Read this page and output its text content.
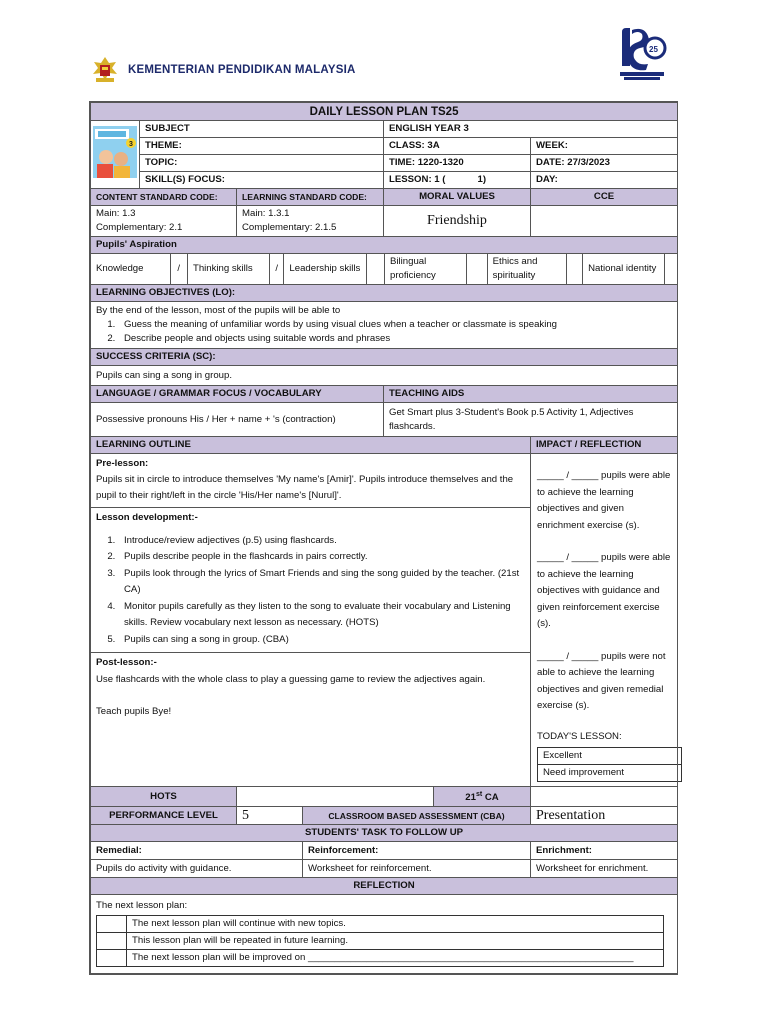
KEMENTERIAN PENDIDIKAN MALAYSIA
25
DAILY LESSON PLAN TS25

3
	SUBJECT	ENGLISH YEAR 3
THEME:	CLASS: 3A	WEEK:
TOPIC:	TIME: 1220-1320	DATE: 27/3/2023
SKILL(S) FOCUS:	LESSON: 1 (            1)	DAY:
CONTENT STANDARD CODE:	LEARNING STANDARD CODE:	MORAL VALUES	CCE

Main: 1.3
Complementary: 2.1

Main: 1.3.1
Complementary: 2.1.5	Friendship	
Pupils' Aspiration

Knowledge	/	Thinking skills	/	Leadership skills		Bilingual proficiency		Ethics and spirituality		National identity	

LEARNING OBJECTIVES (LO):

By the end of the lesson, most of the pupils will be able to
1. Guess the meaning of unfamiliar words by using visual clues when a teacher or classmate is speaking
2. Describe people and objects using suitable words and phrases

SUCCESS CRITERIA (SC):
Pupils can sing a song in group.
LANGUAGE / GRAMMAR FOCUS / VOCABULARY	TEACHING AIDS
Possessive pronouns His / Her + name + 's (contraction)	Get Smart plus 3-Student's Book p.5 Activity 1, Adjectives flashcards.
LEARNING OUTLINE	IMPACT / REFLECTION

Pre-lesson:
Pupils sit in circle to introduce themselves 'My name's [Amir]'. Pupils introduce themselves and the pupil to their right/left in the circle 'His/Her name's [Nurul]'.
Lesson development:-
1. Introduce/review adjectives (p.5) using flashcards.
2. Pupils describe people in the flashcards in pairs correctly.
3. Pupils look through the lyrics of Smart Friends and sing the song guided by the teacher. (21st CA)
4. Monitor pupils carefully as they listen to the song to evaluate their vocabulary and Listening skills. Review vocabulary next lesson as necessary. (HOTS)
5. Pupils can sing a song in group. (CBA)
Post-lesson:-
Use flashcards with the whole class to play a guessing game to review the adjectives again.
Teach pupils Bye!

_____ / _____ pupils were able to achieve the learning objectives and given enrichment exercise (s).
_____ / _____ pupils were able to achieve the learning objectives with guidance and given reinforcement exercise (s).
_____ / _____ pupils were not able to achieve the learning objectives and given remedial exercise (s).
TODAY'S LESSON:
Excellent	
Need improvement	

HOTS		21st CA	
PERFORMANCE LEVEL	5	CLASSROOM BASED ASSESSMENT (CBA)	Presentation
STUDENTS' TASK TO FOLLOW UP
Remedial:	Reinforcement:	Enrichment:
Pupils do activity with guidance.	Worksheet for reinforcement.	Worksheet for enrichment.
REFLECTION

The next lesson plan:
	The next lesson plan will continue with new topics.
	This lesson plan will be repeated in future learning.
	The next lesson plan will be improved on _____________________________________________________________
